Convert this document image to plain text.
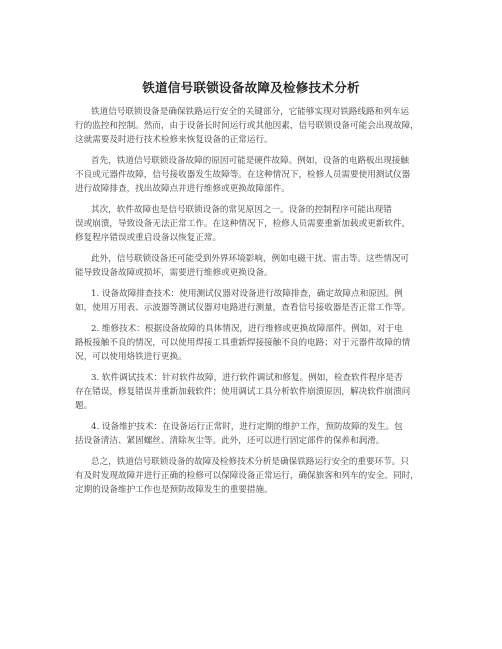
铁道信号联锁设备故障及检修技术分析
铁道信号联锁设备是确保铁路运行安全的关键部分，它能够实现对铁路线路和列车运
行的监控和控制。然而，由于设备长时间运行或其他因素，信号联锁设备可能会出现故障，
这就需要及时进行技术检修来恢复设备的正常运行。
首先，铁道信号联锁设备故障的原因可能是硬件故障。例如，设备的电路板出现接触
不良或元器件故障，信号接收器发生故障等。在这种情况下，检修人员需要使用测试仪器
进行故障排查，找出故障点并进行维修或更换故障部件。
其次，软件故障也是信号联锁设备的常见原因之一。设备的控制程序可能出现错
误或崩溃，导致设备无法正常工作。在这种情况下，检修人员需要重新加载或更新软件，
修复程序错误或重启设备以恢复正常。
此外，信号联锁设备还可能受到外界环境影响，例如电磁干扰、雷击等。这些情况可
能导致设备故障或损坏，需要进行维修或更换设备。
1. 设备故障排查技术：使用测试仪器对设备进行故障排查，确定故障点和原因。例
如，使用万用表、示波器等测试仪器对电路进行测量，查看信号接收器是否正常工作等。
2. 维修技术：根据设备故障的具体情况，进行维修或更换故障部件。例如，对于电
路板接触不良的情况，可以使用焊接工具重新焊接接触不良的电路；对于元器件故障的情
况，可以使用烙铁进行更换。
3. 软件调试技术：针对软件故障，进行软件调试和修复。例如，检查软件程序是否
存在错误，修复错误并重新加载软件；使用调试工具分析软件崩溃原因，解决软件崩溃问
题。
4. 设备维护技术：在设备运行正常时，进行定期的维护工作，预防故障的发生。包
括设备清洁、紧固螺丝、清除灰尘等。此外，还可以进行固定部件的保养和润滑。
总之，铁道信号联锁设备的故障及检修技术分析是确保铁路运行安全的重要环节。只
有及时发现故障并进行正确的检修可以保障设备正常运行，确保旅客和列车的安全。同时，
定期的设备维护工作也是预防故障发生的重要措施。
